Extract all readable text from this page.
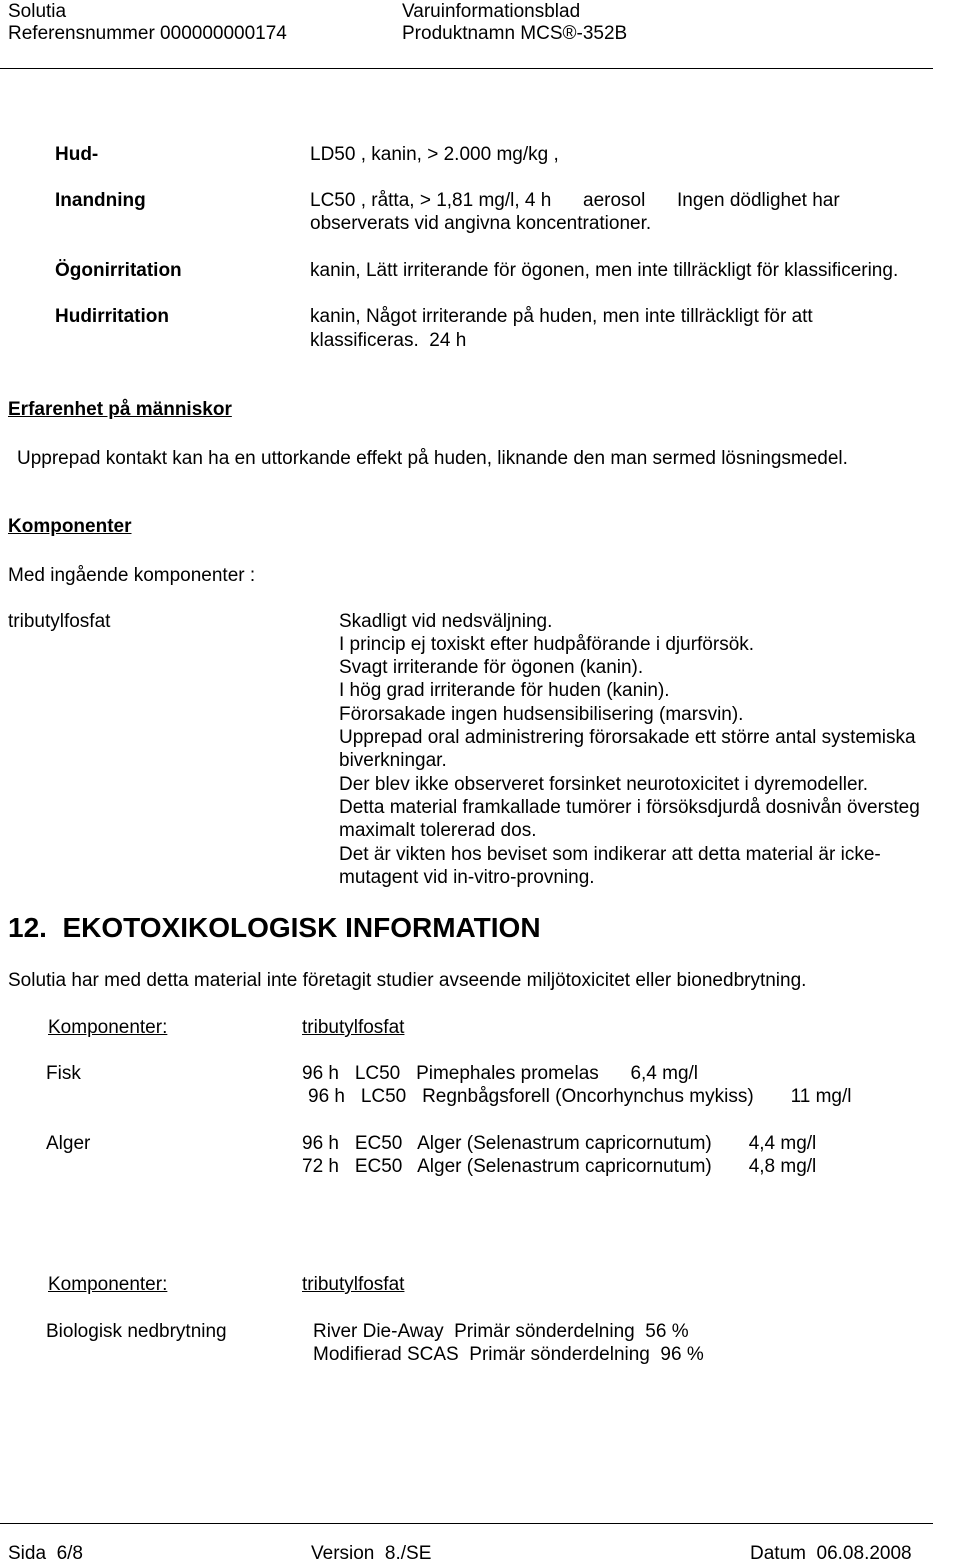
Solutia	Varuinformationsblad
Referensnummer 000000000174	Produktnamn MCS®-352B
Hud-	LD50 , kanin, > 2.000 mg/kg ,
Inandning	LC50 , råtta, > 1,81 mg/l, 4 h      aerosol      Ingen dödlighet har
observerats vid angivna koncentrationer.
Ögonirritation	kanin, Lätt irriterande för ögonen, men inte tillräckligt för klassificering.
Hudirritation	kanin, Något irriterande på huden, men inte tillräckligt för att
klassificeras.  24 h
Erfarenhet på människor
Upprepad kontakt kan ha en uttorkande effekt på huden, liknande den man sermed lösningsmedel.
Komponenter
Med ingående komponenter :
tributylfosfat	Skadligt vid nedsväljning.
I princip ej toxiskt efter hudpåförande i djurförsök.
Svagt irriterande för ögonen (kanin).
I hög grad irriterande för huden (kanin).
Förorsakade ingen hudsensibilisering (marsvin).
Upprepad oral administrering förorsakade ett större antal systemiska
biverkningar.
Der blev ikke observeret forsinket neurotoxicitet i dyremodeller.
Detta material framkallade tumörer i försöksdjurdå dosnivån översteg
maximalt tolererad dos.
Det är vikten hos beviset som indikerar att detta material är icke-
mutagent vid in-vitro-provning.
12.  EKOTOXIKOLOGISK INFORMATION
Solutia har med detta material inte företagit studier avseende miljötoxicitet eller bionedbrytning.
Komponenter:	tributylfosfat
Fisk	96 h   LC50   Pimephales promelas      6,4 mg/l
96 h   LC50   Regnbågsforell (Oncorhynchus mykiss)       11 mg/l
Alger	96 h   EC50   Alger (Selenastrum capricornutum)       4,4 mg/l
72 h   EC50   Alger (Selenastrum capricornutum)       4,8 mg/l
Komponenter:	tributylfosfat
Biologisk nedbrytning	River Die-Away  Primär sönderdelning  56 %
Modifierad SCAS  Primär sönderdelning  96 %
Sida  6/8	Version  8./SE	Datum  06.08.2008
